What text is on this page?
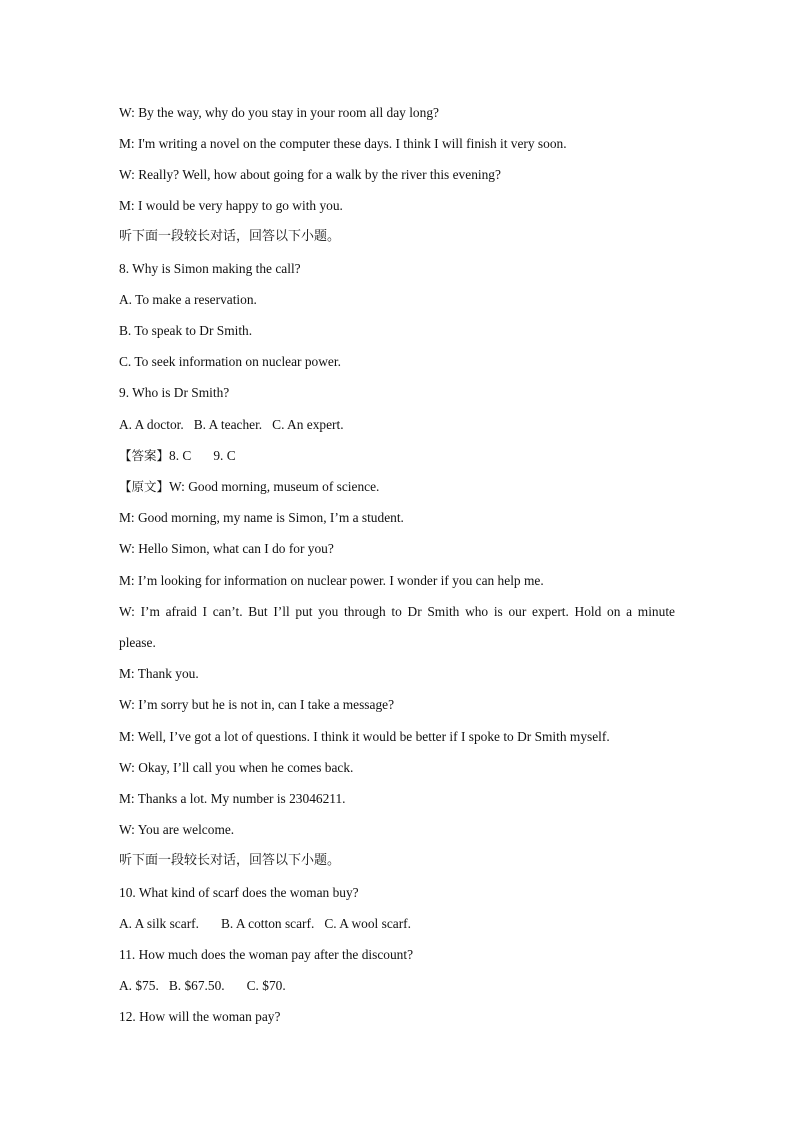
W: By the way, why do you stay in your room all day long?
M: I'm writing a novel on the computer these days. I think I will finish it very soon.
W: Really? Well, how about going for a walk by the river this evening?
M: I would be very happy to go with you.
听下面一段较长对话，回答以下小题。
8. Why is Simon making the call?
A. To make a reservation.
B. To speak to Dr Smith.
C. To seek information on nuclear power.
9. Who is Dr Smith?
A. A doctor. B. A teacher. C. An expert.
【答案】8. C 9. C
【原文】W: Good morning, museum of science.
M: Good morning, my name is Simon, I’m a student.
W: Hello Simon, what can I do for you?
M: I’m looking for information on nuclear power. I wonder if you can help me.
W: I’m afraid I can’t. But I’ll put you through to Dr Smith who is our expert. Hold on a minute
please.
M: Thank you.
W: I’m sorry but he is not in, can I take a message?
M: Well, I’ve got a lot of questions. I think it would be better if I spoke to Dr Smith myself.
W: Okay, I’ll call you when he comes back.
M: Thanks a lot. My number is 23046211.
W: You are welcome.
听下面一段较长对话，回答以下小题。
10. What kind of scarf does the woman buy?
A. A silk scarf. B. A cotton scarf. C. A wool scarf.
11. How much does the woman pay after the discount?
A. $75. B. $67.50. C. $70.
12. How will the woman pay?
